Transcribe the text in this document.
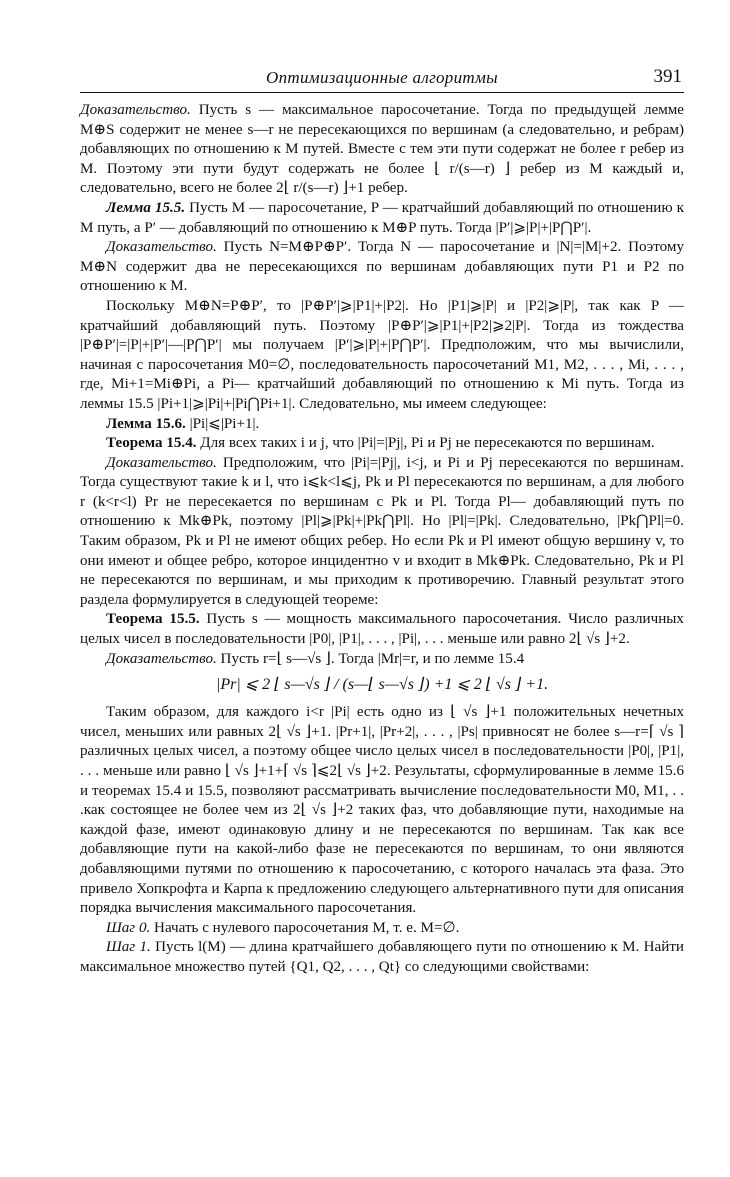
Оптимизационные алгоритмы	391

Доказательство. Пусть s — максимальное паросочетание. Тогда по предыдущей лемме M⊕S содержит не менее s—r не пересекающихся по вершинам (а следовательно, и ребрам) добавляющих по отношению к M путей. Вместе с тем эти пути содержат не более r ребер из M. Поэтому эти пути будут содержать не более ⌊ r/(s—r) ⌋ ребер из M каждый и, следовательно, всего не более 2⌊ r/(s—r) ⌋+1 ребер.

Лемма 15.5. Пусть M — паросочетание, P — кратчайший добавляющий по отношению к M путь, а P′ — добавляющий по отношению к M⊕P путь. Тогда |P′|⩾|P|+|P⋂P′|.

Доказательство. Пусть N=M⊕P⊕P′. Тогда N — паросочетание и |N|=|M|+2. Поэтому M⊕N содержит два не пересекающихся по вершинам добавляющих пути P1 и P2 по отношению к M.

Поскольку M⊕N=P⊕P′, то |P⊕P′|⩾|P1|+|P2|. Но |P1|⩾|P| и |P2|⩾|P|, так как P — кратчайший добавляющий путь. Поэтому |P⊕P′|⩾|P1|+|P2|⩾2|P|. Тогда из тождества |P⊕P′|=|P|+|P′|—|P⋂P′| мы получаем |P′|⩾|P|+|P⋂P′|. Предположим, что мы вычислили, начиная с паросочетания M0=∅, последовательность паросочетаний M1, M2, . . . , Mi, . . . , где, Mi+1=Mi⊕Pi, а Pi— кратчайший добавляющий по отношению к Mi путь. Тогда из леммы 15.5 |Pi+1|⩾|Pi|+|Pi⋂Pi+1|. Следовательно, мы имеем следующее:

Лемма 15.6. |Pi|⩽|Pi+1|.

Теорема 15.4. Для всех таких i и j, что |Pi|=|Pj|, Pi и Pj не пересекаются по вершинам.

Доказательство. Предположим, что |Pi|=|Pj|, i<j, и Pi и Pj пересекаются по вершинам. Тогда существуют такие k и l, что i⩽k<l⩽j, Pk и Pl пересекаются по вершинам, а для любого r (k<r<l) Pr не пересекается по вершинам с Pk и Pl. Тогда Pl— добавляющий путь по отношению к Mk⊕Pk, поэтому |Pl|⩾|Pk|+|Pk⋂Pl|. Но |Pl|=|Pk|. Следовательно, |Pk⋂Pl|=0. Таким образом, Pk и Pl не имеют общих ребер. Но если Pk и Pl имеют общую вершину v, то они имеют и общее ребро, которое инцидентно v и входит в Mk⊕Pk. Следовательно, Pk и Pl не пересекаются по вершинам, и мы приходим к противоречию. Главный результат этого раздела формулируется в следующей теореме:

Теорема 15.5. Пусть s — мощность максимального паросочетания. Число различных целых чисел в последовательности |P0|, |P1|, . . . , |Pi|, . . . меньше или равно 2⌊ √s ⌋+2.

Доказательство. Пусть r=⌊ s—√s ⌋. Тогда |Mr|=r, и по лемме 15.4

|Pr| ⩽ 2 ⌊ s—√s ⌋ / (s—⌊ s—√s ⌋) +1 ⩽ 2 ⌊ √s ⌋ +1.

Таким образом, для каждого i<r |Pi| есть одно из ⌊ √s ⌋+1 положительных нечетных чисел, меньших или равных 2⌊ √s ⌋+1. |Pr+1|, |Pr+2|, . . . , |Ps| привносят не более s—r=⌈ √s ⌉ различных целых чисел, а поэтому общее число целых чисел в последовательности |P0|, |P1|, . . . меньше или равно ⌊ √s ⌋+1+⌈ √s ⌉⩽2⌊ √s ⌋+2. Результаты, сформулированные в лемме 15.6 и теоремах 15.4 и 15.5, позволяют рассматривать вычисление последовательности M0, M1, . . .как состоящее не более чем из 2⌊ √s ⌋+2 таких фаз, что добавляющие пути, находимые на каждой фазе, имеют одинаковую длину и не пересекаются по вершинам. Так как все добавляющие пути на какой-либо фазе не пересекаются по вершинам, то они являются добавляющими путями по отношению к паросочетанию, с которого началась эта фаза. Это привело Хопкрофта и Карпа к предложению следующего альтернативного пути для описания порядка вычисления максимального паросочетания.

Шаг 0. Начать с нулевого паросочетания M, т. е. M=∅.

Шаг 1. Пусть l(M) — длина кратчайшего добавляющего пути по отношению к M. Найти максимальное множество путей {Q1, Q2, . . . , Qt} со следующими свойствами:
